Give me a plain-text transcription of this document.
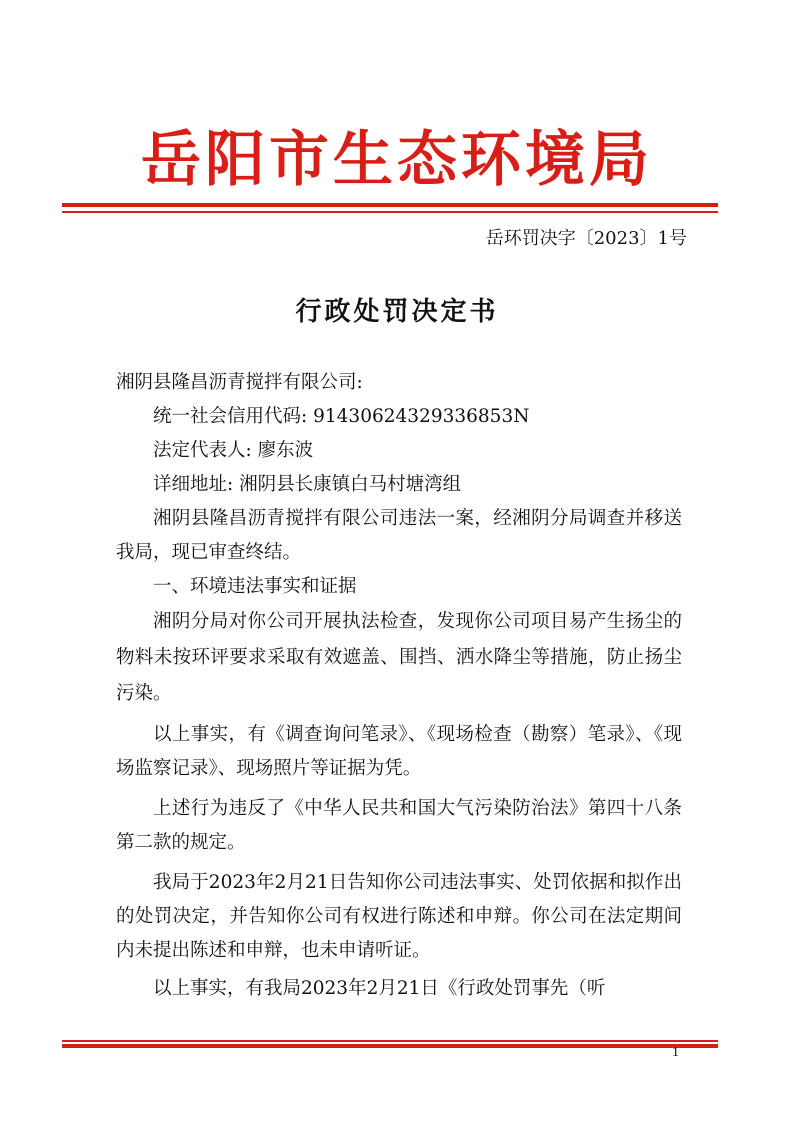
岳阳市生态环境局
岳环罚决字〔2023〕1号
行政处罚决定书

湘阴县隆昌沥青搅拌有限公司:

统一社会信用代码: 91430624329336853N

法定代表人: 廖东波

详细地址: 湘阴县长康镇白马村塘湾组

湘阴县隆昌沥青搅拌有限公司违法一案，经湘阴分局调查并移送我局，现已审查终结。

一、环境违法事实和证据

湘阴分局对你公司开展执法检查，发现你公司项目易产生扬尘的物料未按环评要求采取有效遮盖、围挡、洒水降尘等措施，防止扬尘污染。

以上事实，有《调查询问笔录》、《现场检查（勘察）笔录》、《现场监察记录》、现场照片等证据为凭。

上述行为违反了《中华人民共和国大气污染防治法》第四十八条第二款的规定。

我局于2023年2月21日告知你公司违法事实、处罚依据和拟作出的处罚决定，并告知你公司有权进行陈述和申辩。你公司在法定期间内未提出陈述和申辩，也未申请听证。

以上事实，有我局2023年2月21日《行政处罚事先（听

1
